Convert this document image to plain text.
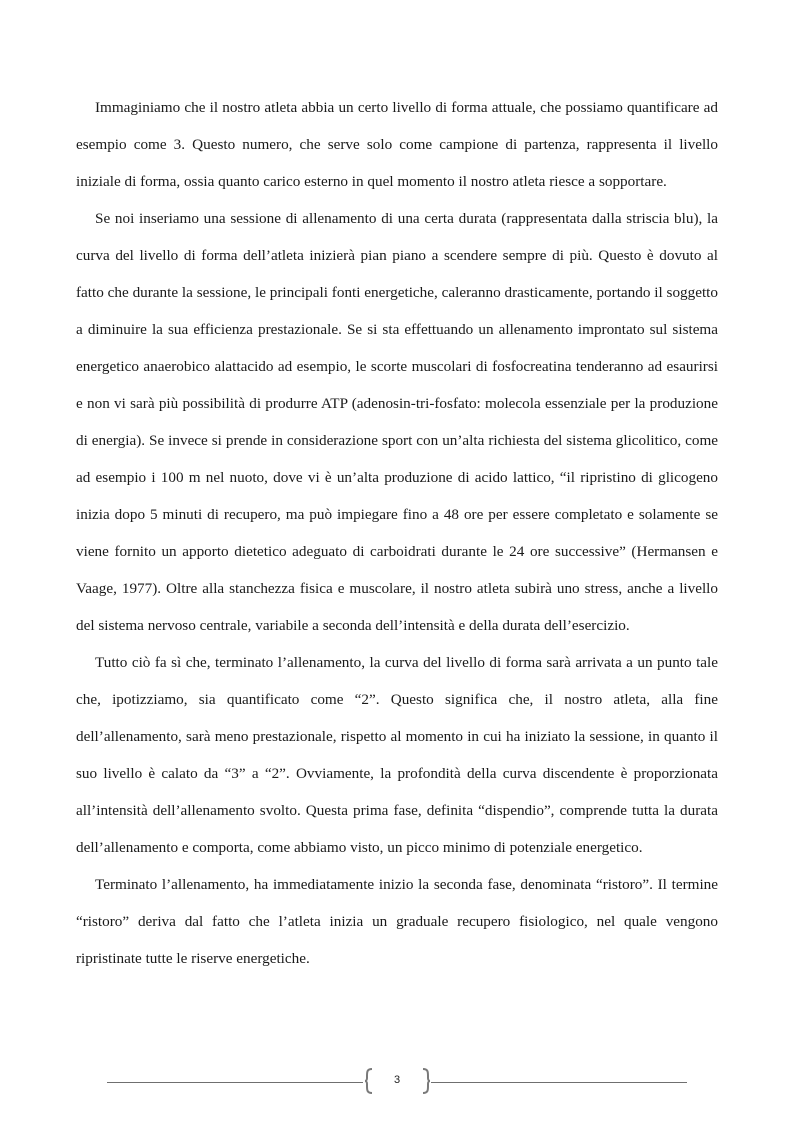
Immaginiamo che il nostro atleta abbia un certo livello di forma attuale, che possiamo quantificare ad esempio come 3. Questo numero, che serve solo come campione di partenza, rappresenta il livello iniziale di forma, ossia quanto carico esterno in quel momento il nostro atleta riesce a sopportare.

Se noi inseriamo una sessione di allenamento di una certa durata (rappresentata dalla striscia blu), la curva del livello di forma dell’atleta inizierà pian piano a scendere sempre di più. Questo è dovuto al fatto che durante la sessione, le principali fonti energetiche, caleranno drasticamente, portando il soggetto a diminuire la sua efficienza prestazionale. Se si sta effettuando un allenamento improntato sul sistema energetico anaerobico alattacido ad esempio, le scorte muscolari di fosfocreatina tenderanno ad esaurirsi e non vi sarà più possibilità di produrre ATP (adenosin-tri-fosfato: molecola essenziale per la produzione di energia). Se invece si prende in considerazione sport con un’alta richiesta del sistema glicolitico, come ad esempio i 100 m nel nuoto, dove vi è un’alta produzione di acido lattico, “il ripristino di glicogeno inizia dopo 5 minuti di recupero, ma può impiegare fino a 48 ore per essere completato e solamente se viene fornito un apporto dietetico adeguato di carboidrati durante le 24 ore successive” (Hermansen e Vaage, 1977). Oltre alla stanchezza fisica e muscolare, il nostro atleta subirà uno stress, anche a livello del sistema nervoso centrale, variabile a seconda dell’intensità e della durata dell’esercizio.

Tutto ciò fa sì che, terminato l’allenamento, la curva del livello di forma sarà arrivata a un punto tale che, ipotizziamo, sia quantificato come “2”. Questo significa che, il nostro atleta, alla fine dell’allenamento, sarà meno prestazionale, rispetto al momento in cui ha iniziato la sessione, in quanto il suo livello è calato da “3” a “2”. Ovviamente, la profondità della curva discendente è proporzionata all’intensità dell’allenamento svolto. Questa prima fase, definita “dispendio”, comprende tutta la durata dell’allenamento e comporta, come abbiamo visto, un picco minimo di potenziale energetico.

Terminato l’allenamento, ha immediatamente inizio la seconda fase, denominata “ristoro”. Il termine “ristoro” deriva dal fatto che l’atleta inizia un graduale recupero fisiologico, nel quale vengono ripristinate tutte le riserve energetiche.

3
